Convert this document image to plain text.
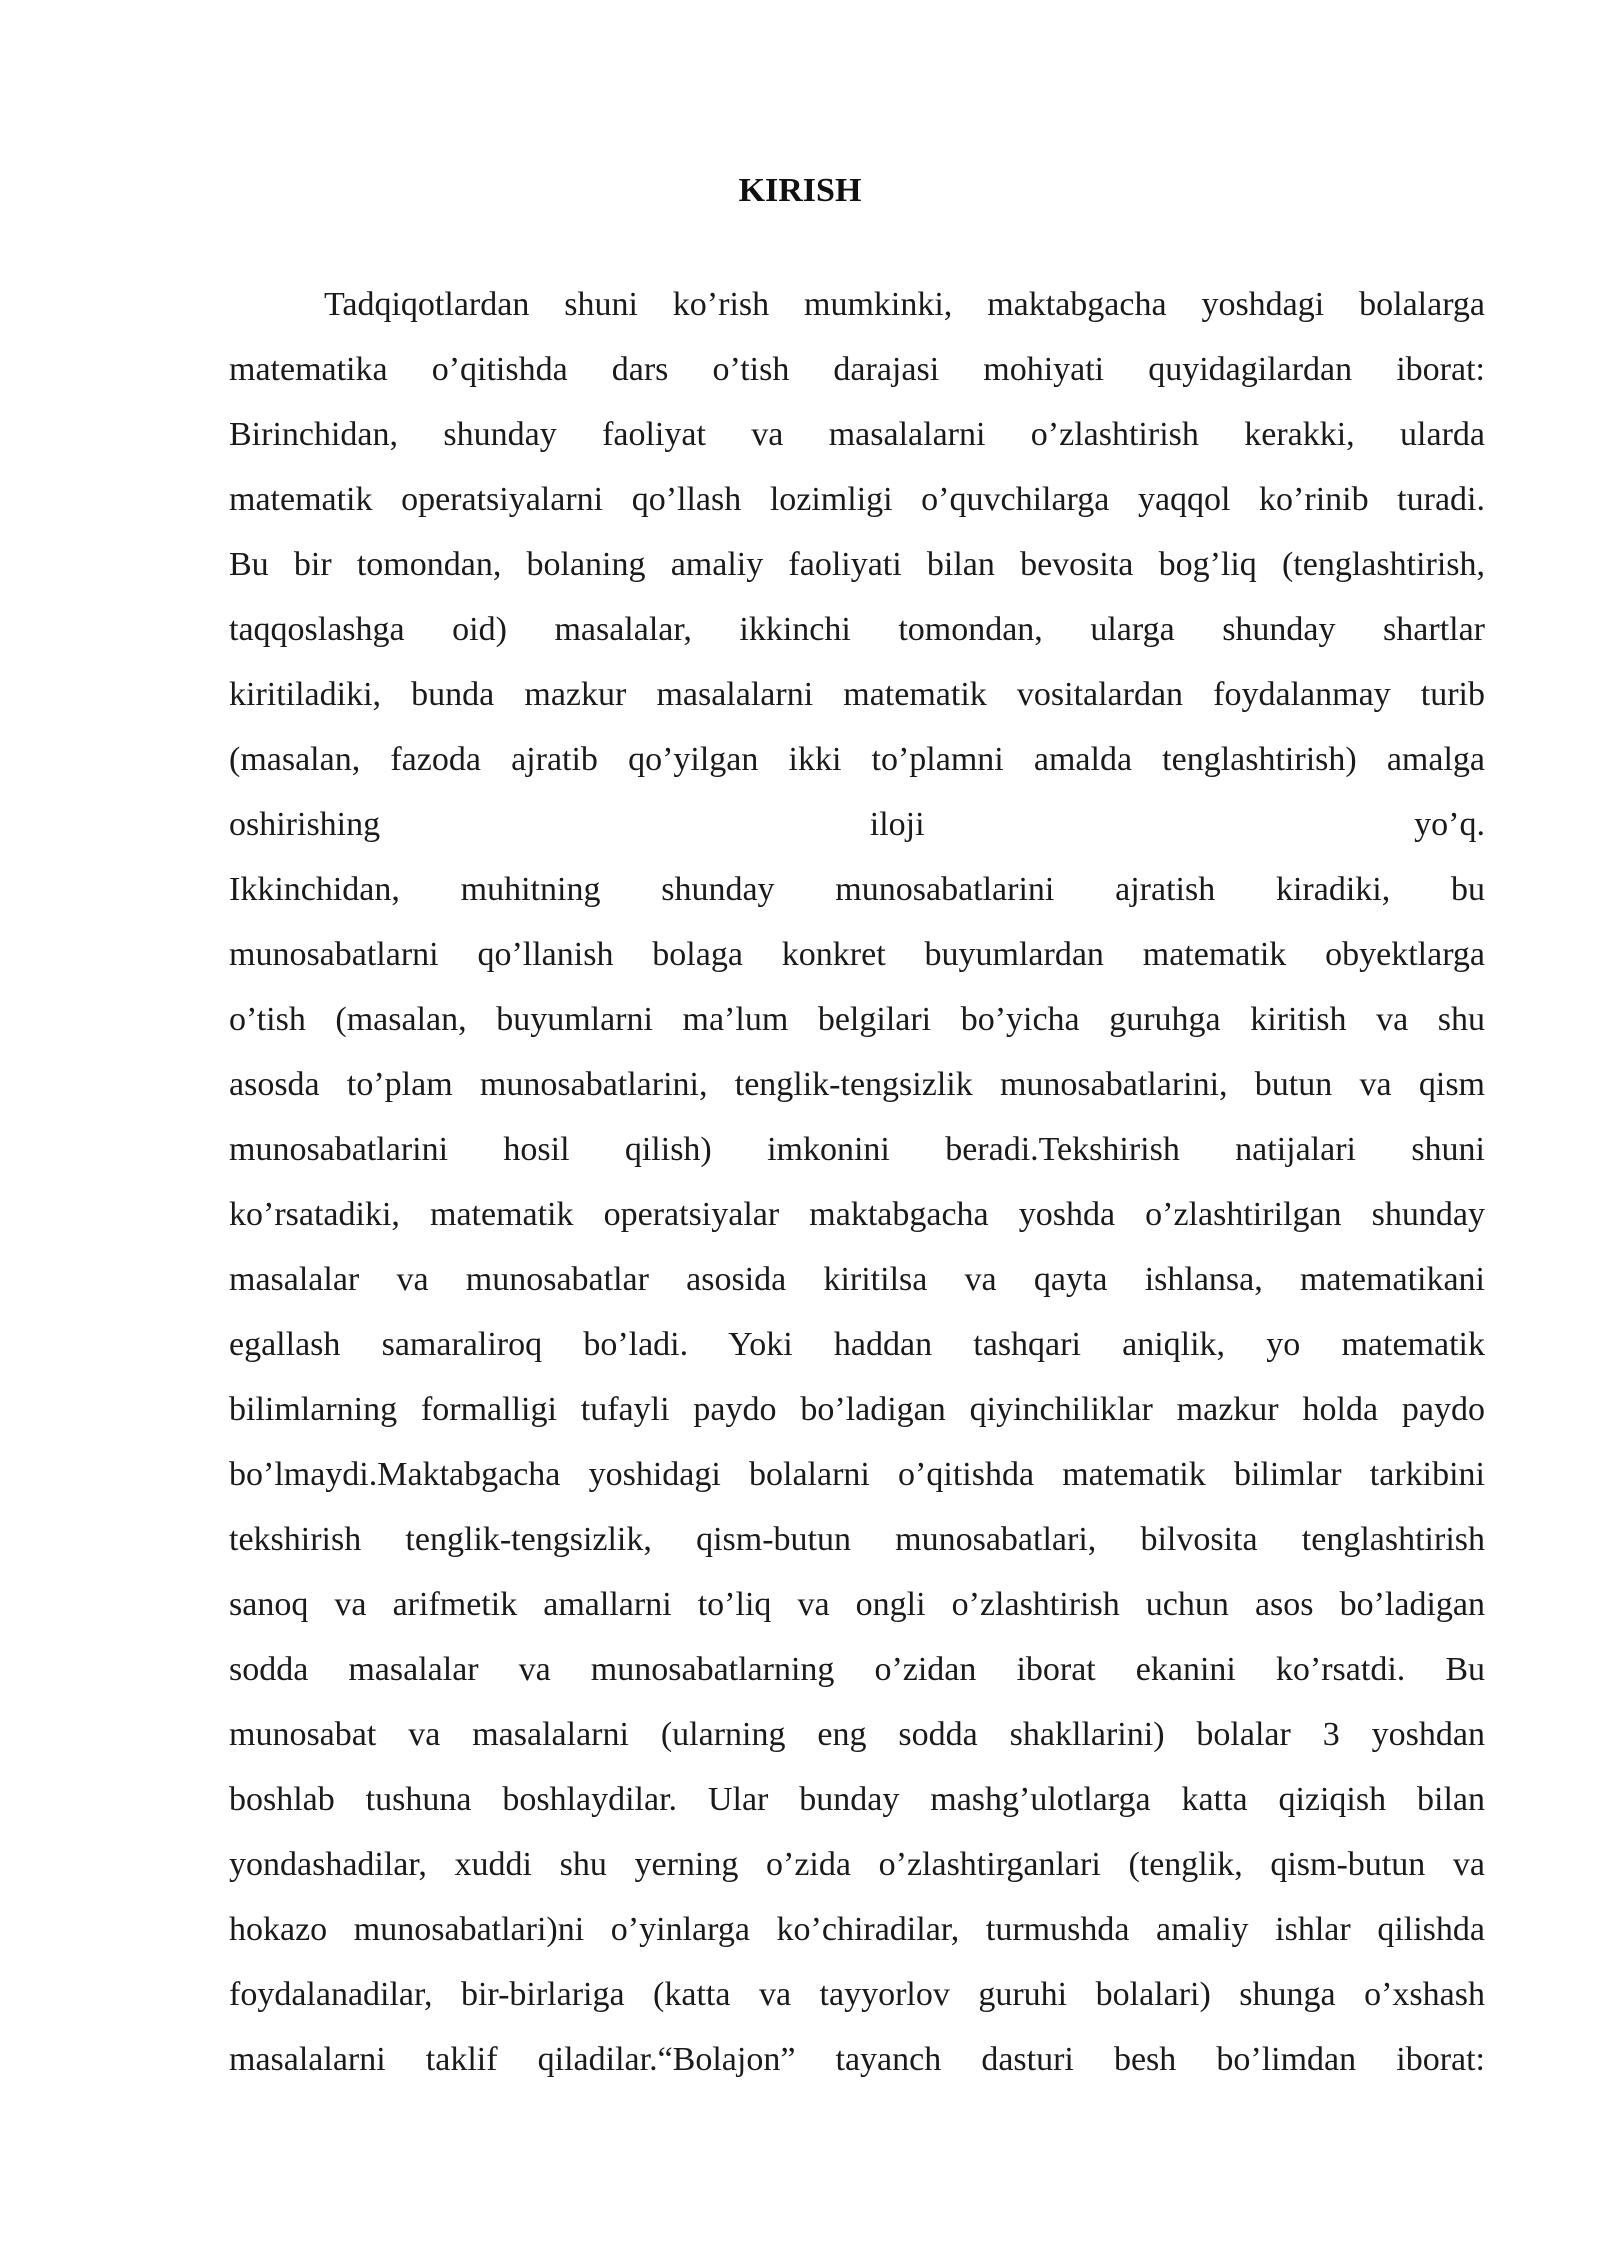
KIRISH
Tadqiqotlardan shuni ko’rish mumkinki, maktabgacha yoshdagi bolalarga
matematika o’qitishda dars o’tish darajasi mohiyati quyidagilardan iborat:
Birinchidan, shunday faoliyat va masalalarni o’zlashtirish kerakki, ularda
matematik operatsiyalarni qo’llash lozimligi o’quvchilarga yaqqol ko’rinib turadi.
Bu bir tomondan, bolaning amaliy faoliyati bilan bevosita bog’liq (tenglashtirish,
taqqoslashga oid) masalalar, ikkinchi tomondan, ularga shunday shartlar
kiritiladiki, bunda mazkur masalalarni matematik vositalardan foydalanmay turib
(masalan, fazoda ajratib qo’yilgan ikki to’plamni amalda tenglashtirish) amalga
oshirishing iloji yo’q.
Ikkinchidan, muhitning shunday munosabatlarini ajratish kiradiki, bu
munosabatlarni qo’llanish bolaga konkret buyumlardan matematik obyektlarga
o’tish (masalan, buyumlarni ma’lum belgilari bo’yicha guruhga kiritish va shu
asosda to’plam munosabatlarini, tenglik-tengsizlik munosabatlarini, butun va qism
munosabatlarini hosil qilish) imkonini beradi.Tekshirish natijalari shuni
ko’rsatadiki, matematik operatsiyalar maktabgacha yoshda o’zlashtirilgan shunday
masalalar va munosabatlar asosida kiritilsa va qayta ishlansa, matematikani
egallash samaraliroq bo’ladi. Yoki haddan tashqari aniqlik, yo matematik
bilimlarning formalligi tufayli paydo bo’ladigan qiyinchiliklar mazkur holda paydo
bo’lmaydi.Maktabgacha yoshidagi bolalarni o’qitishda matematik bilimlar tarkibini
tekshirish tenglik-tengsizlik, qism-butun munosabatlari, bilvosita tenglashtirish
sanoq va arifmetik amallarni to’liq va ongli o’zlashtirish uchun asos bo’ladigan
sodda masalalar va munosabatlarning o’zidan iborat ekanini ko’rsatdi. Bu
munosabat va masalalarni (ularning eng sodda shakllarini) bolalar 3 yoshdan
boshlab tushuna boshlaydilar. Ular bunday mashg’ulotlarga katta qiziqish bilan
yondashadilar, xuddi shu yerning o’zida o’zlashtirganlari (tenglik, qism-butun va
hokazo munosabatlari)ni o’yinlarga ko’chiradilar, turmushda amaliy ishlar qilishda
foydalanadilar, bir-birlariga (katta va tayyorlov guruhi bolalari) shunga o’xshash
masalalarni taklif qiladilar.“Bolajon” tayanch dasturi besh bo’limdan iborat:
